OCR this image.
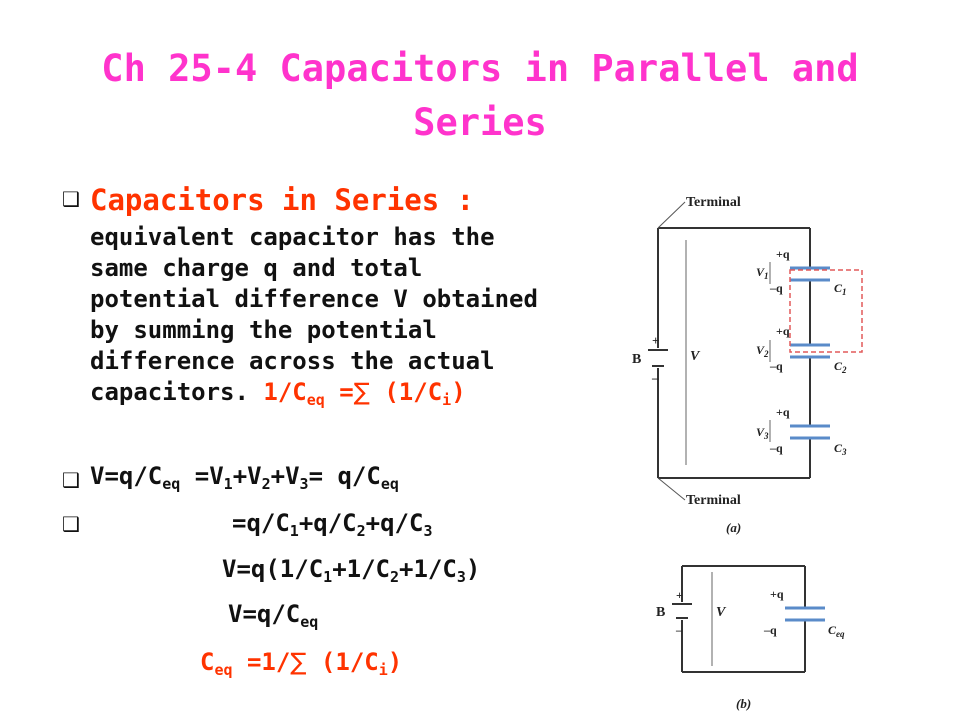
Ch 25-4 Capacitors in Parallel and
Series
❑
❑
❑
Capacitors in Series :
equivalent capacitor has the
same charge q and total
potential difference V obtained
by summing the potential
difference across the actual
capacitors. $1/C_{eq}$ =∑ $(1/C_i)$
$V=q/C_{eq} =V_1+V_2+V_3= q/C_{eq}$
$=q/C_1+q/C_2+q/C_3$
$V=q(1/C_1+1/C_2+1/C_3)$
$V=q/C_{eq}$
$C_{eq} =1/\sum$ $(1/C_i)$
Terminal
Terminal
B
+
–
V
+q
–q
$V_1$
$C_1$
+q
–q
$V_2$
$C_2$
+q
–q
$V_3$
$C_3$
(a)
B
+
–
V
+q
–q	$C_{eq}$
(b)
